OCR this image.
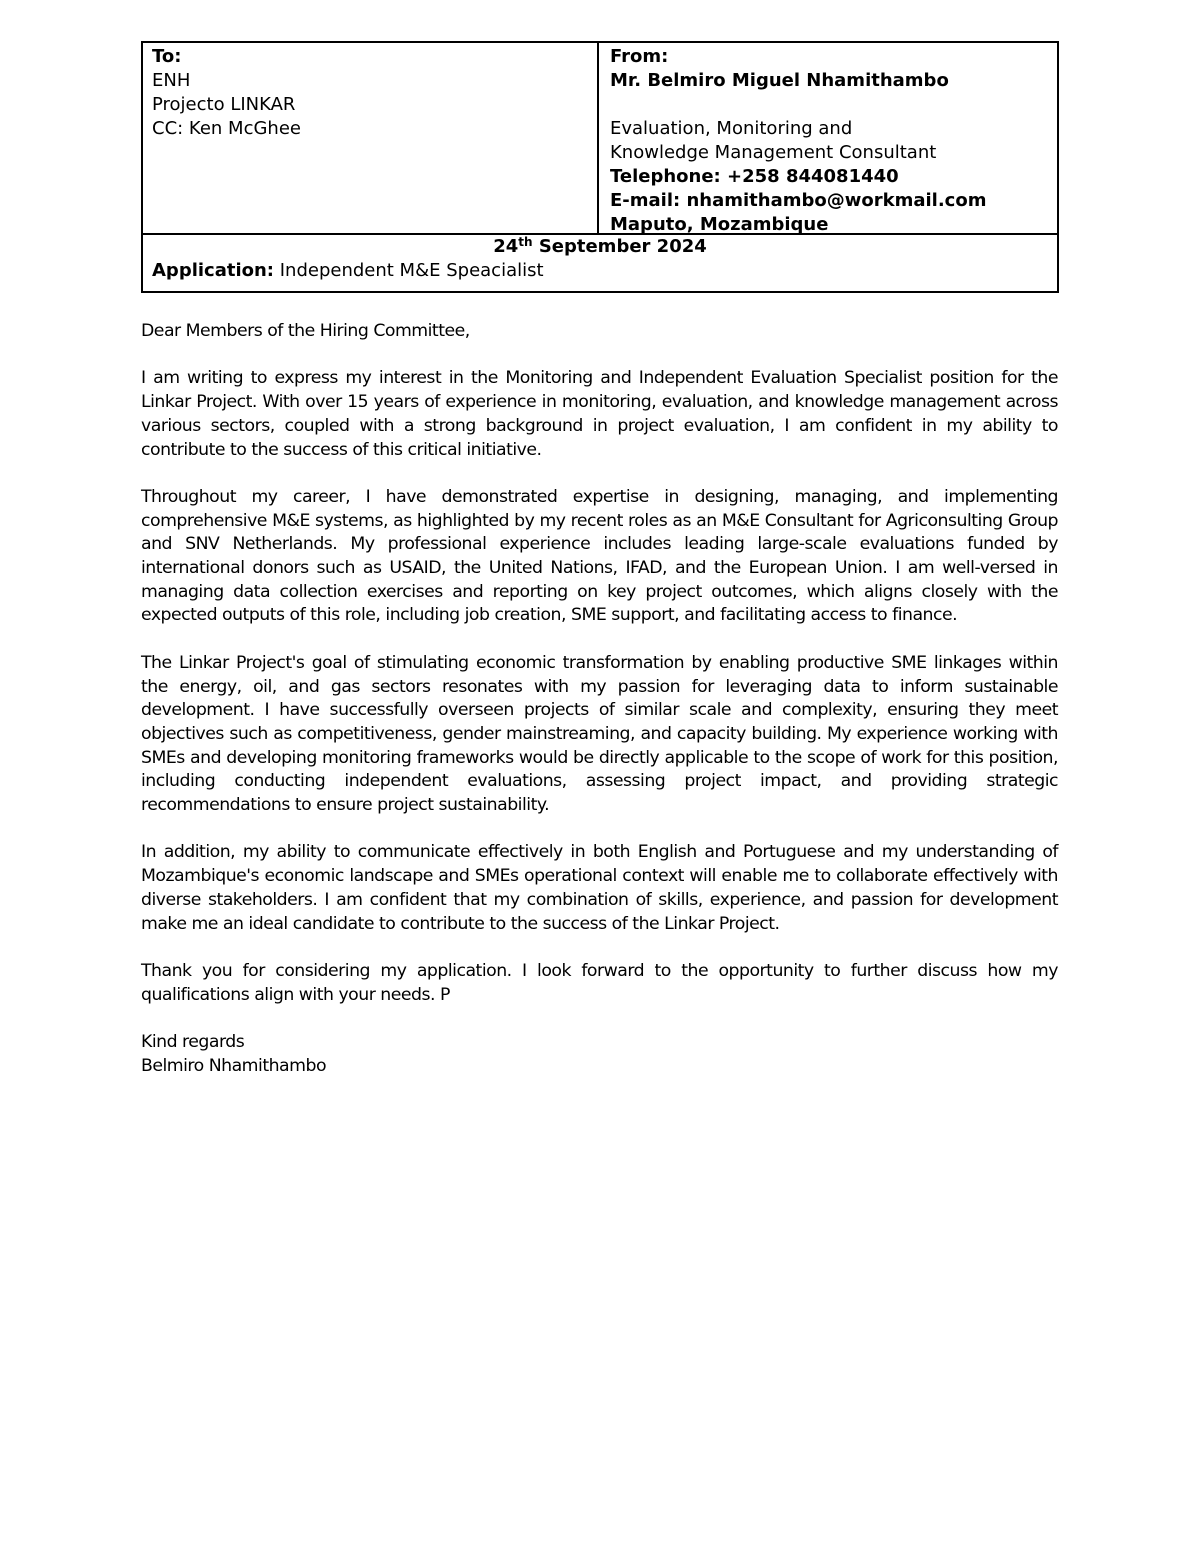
To:
ENH
Projecto LINKAR
CC: Ken McGhee
From:
Mr. Belmiro Miguel Nhamithambo
Evaluation, Monitoring and Knowledge Management Consultant
Telephone: +258 844081440
E-mail: nhamithambo@workmail.com
Maputo, Mozambique
24th September 2024
Application: Independent M&E Speacialist

Dear Members of the Hiring Committee,

I am writing to express my interest in the Monitoring and Independent Evaluation Specialist position for the Linkar Project. With over 15 years of experience in monitoring, evaluation, and knowledge management across various sectors, coupled with a strong background in project evaluation, I am confident in my ability to contribute to the success of this critical initiative.

Throughout my career, I have demonstrated expertise in designing, managing, and implementing comprehensive M&E systems, as highlighted by my recent roles as an M&E Consultant for Agriconsulting Group and SNV Netherlands. My professional experience includes leading large-scale evaluations funded by international donors such as USAID, the United Nations, IFAD, and the European Union. I am well-versed in managing data collection exercises and reporting on key project outcomes, which aligns closely with the expected outputs of this role, including job creation, SME support, and facilitating access to finance.

The Linkar Project's goal of stimulating economic transformation by enabling productive SME linkages within the energy, oil, and gas sectors resonates with my passion for leveraging data to inform sustainable development. I have successfully overseen projects of similar scale and complexity, ensuring they meet objectives such as competitiveness, gender mainstreaming, and capacity building. My experience working with SMEs and developing monitoring frameworks would be directly applicable to the scope of work for this position, including conducting independent evaluations, assessing project impact, and providing strategic recommendations to ensure project sustainability.

In addition, my ability to communicate effectively in both English and Portuguese and my understanding of Mozambique's economic landscape and SMEs operational context will enable me to collaborate effectively with diverse stakeholders. I am confident that my combination of skills, experience, and passion for development make me an ideal candidate to contribute to the success of the Linkar Project.

Thank you for considering my application. I look forward to the opportunity to further discuss how my qualifications align with your needs. P

Kind regards
Belmiro Nhamithambo
